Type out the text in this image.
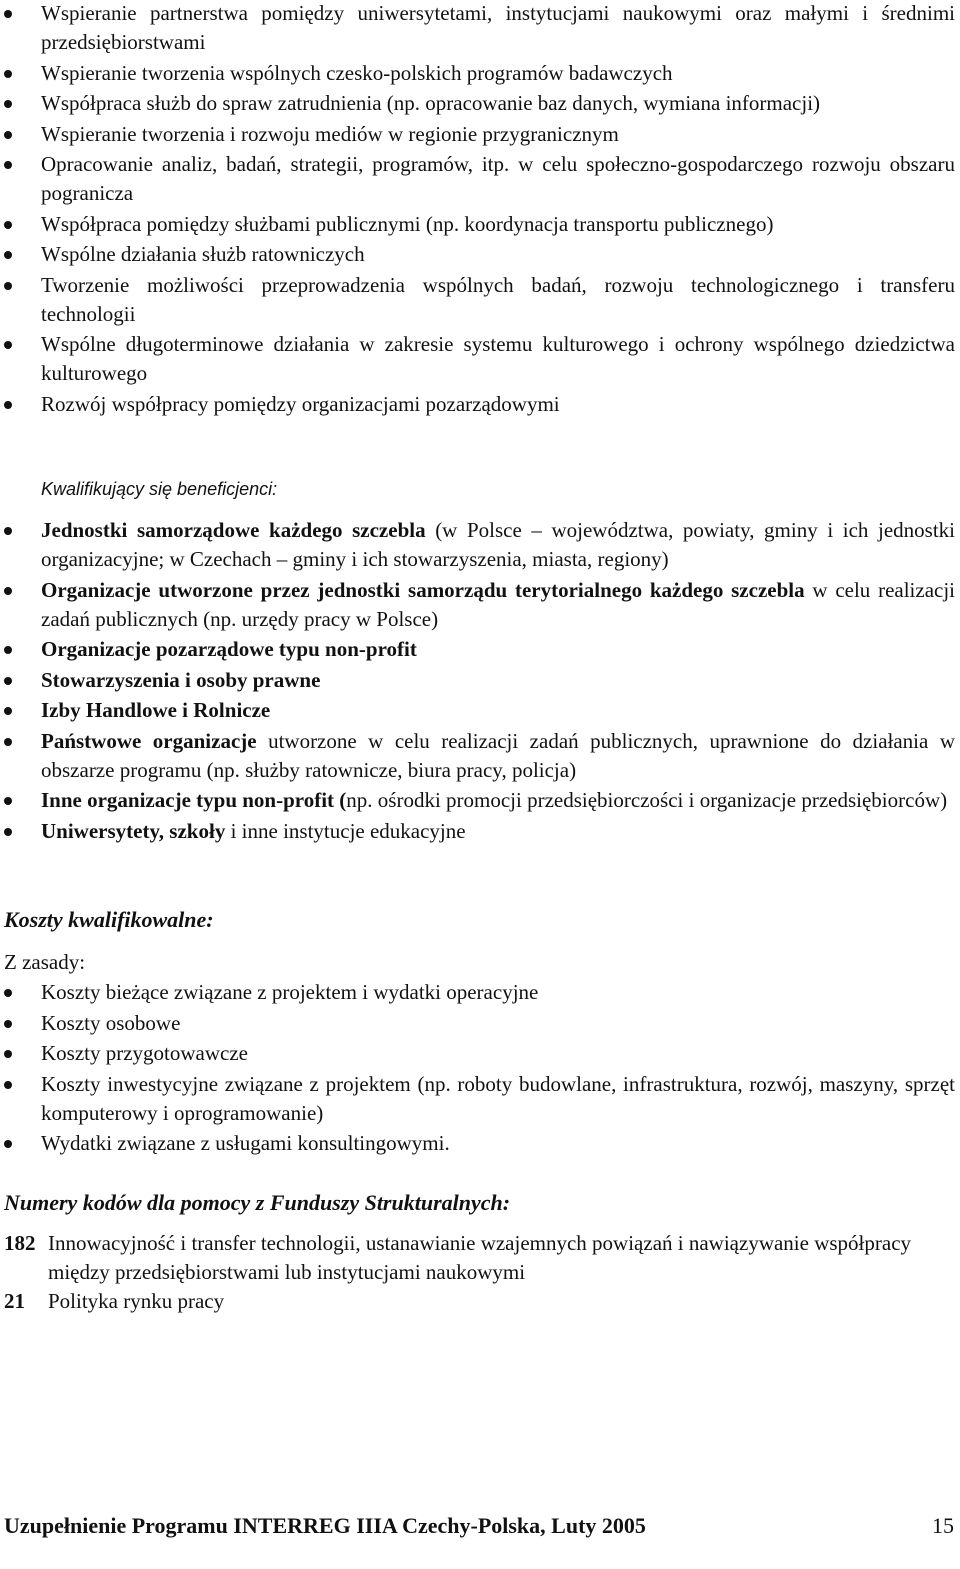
Wspieranie partnerstwa pomiędzy uniwersytetami, instytucjami naukowymi oraz małymi i średnimi przedsiębiorstwami
Wspieranie tworzenia wspólnych czesko-polskich programów badawczych
Współpraca służb do spraw zatrudnienia (np. opracowanie baz danych, wymiana informacji)
Wspieranie tworzenia i rozwoju mediów w regionie przygranicznym
Opracowanie analiz, badań, strategii, programów, itp. w celu społeczno-gospodarczego rozwoju obszaru pogranicza
Współpraca pomiędzy służbami publicznymi (np. koordynacja transportu publicznego)
Wspólne działania służb ratowniczych
Tworzenie możliwości przeprowadzenia wspólnych badań, rozwoju technologicznego i transferu technologii
Wspólne długoterminowe działania w zakresie systemu kulturowego i ochrony wspólnego dziedzictwa kulturowego
Rozwój współpracy pomiędzy organizacjami pozarządowymi
Kwalifikujący się beneficjenci:
Jednostki samorządowe każdego szczebla (w Polsce – województwa, powiaty, gminy i ich jednostki organizacyjne; w Czechach – gminy i ich stowarzyszenia, miasta, regiony)
Organizacje utworzone przez jednostki samorządu terytorialnego każdego szczebla w celu realizacji zadań publicznych (np. urzędy pracy w Polsce)
Organizacje pozarządowe typu non-profit
Stowarzyszenia i osoby prawne
Izby Handlowe i Rolnicze
Państwowe organizacje utworzone w celu realizacji zadań publicznych, uprawnione do działania w obszarze programu (np. służby ratownicze, biura pracy, policja)
Inne organizacje typu non-profit (np. ośrodki promocji przedsiębiorczości i organizacje przedsiębiorców)
Uniwersytety, szkoły i inne instytucje edukacyjne
Koszty kwalifikowalne:
Z zasady:
Koszty bieżące związane z projektem i wydatki operacyjne
Koszty osobowe
Koszty przygotowawcze
Koszty inwestycyjne związane z projektem (np. roboty budowlane, infrastruktura, rozwój, maszyny, sprzęt komputerowy i oprogramowanie)
Wydatki związane z usługami konsultingowymi.
Numery kodów dla pomocy z Funduszy Strukturalnych:
182 Innowacyjność i transfer technologii, ustanawianie wzajemnych powiązań i nawiązywanie współpracy między przedsiębiorstwami lub instytucjami naukowymi
21	Polityka rynku pracy
Uzupełnienie Programu INTERREG IIIA Czechy-Polska, Luty 2005	15
